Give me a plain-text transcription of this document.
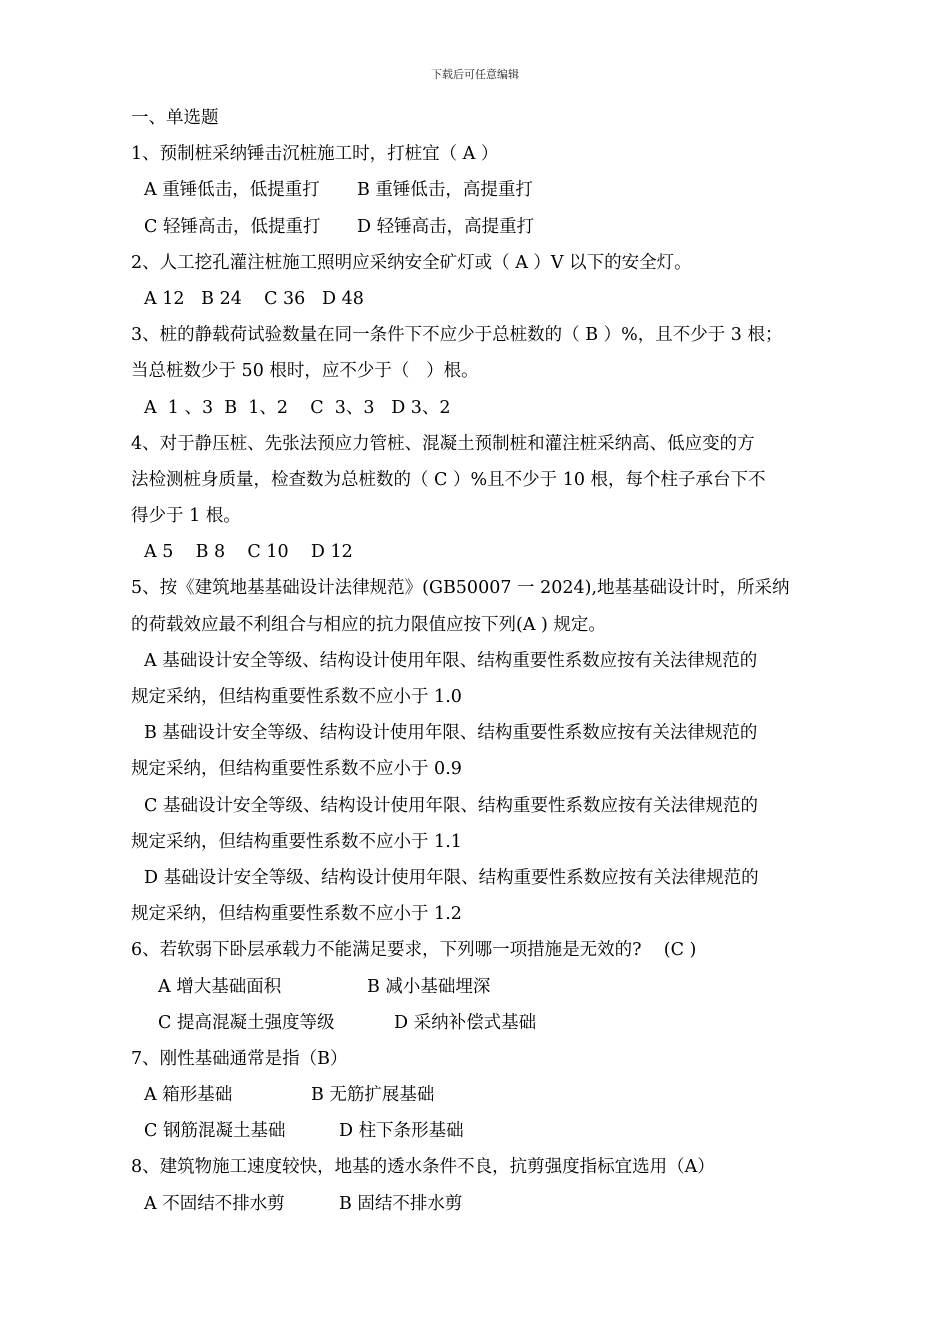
下载后可任意编辑
一、单选题
1、预制桩采纳锤击沉桩施工时，打桩宜（ A ）
A 重锤低击，低提重打 B 重锤低击，高提重打
C 轻锤高击，低提重打 D 轻锤高击，高提重打
2、人工挖孔灌注桩施工照明应采纳安全矿灯或（ A ）V 以下的安全灯。
A 12   B 24    C 36   D 48
3、桩的静载荷试验数量在同一条件下不应少于总桩数的（ B ）%，且不少于 3 根；
当总桩数少于 50 根时，应不少于（   ）根。
A  1 、3  B  1、2    C  3、3   D 3、2
4、对于静压桩、先张法预应力管桩、混凝土预制桩和灌注桩采纳高、低应变的方
法检测桩身质量，检查数为总桩数的（ C ）%且不少于 10 根，每个柱子承台下不
得少于 1 根。
A 5    B 8    C 10    D 12
5、按《建筑地基基础设计法律规范》(GB50007 一 2024),地基基础设计时，所采纳
的荷载效应最不利组合与相应的抗力限值应按下列(A ) 规定。
A 基础设计安全等级、结构设计使用年限、结构重要性系数应按有关法律规范的
规定采纳，但结构重要性系数不应小于 1.0
B 基础设计安全等级、结构设计使用年限、结构重要性系数应按有关法律规范的
规定采纳，但结构重要性系数不应小于 0.9
C 基础设计安全等级、结构设计使用年限、结构重要性系数应按有关法律规范的
规定采纳，但结构重要性系数不应小于 1.1
D 基础设计安全等级、结构设计使用年限、结构重要性系数应按有关法律规范的
规定采纳，但结构重要性系数不应小于 1.2
6、若软弱下卧层承载力不能满足要求，下列哪一项措施是无效的?    (C )
A 增大基础面积	B 减小基础埋深
C 提高混凝土强度等级	D 采纳补偿式基础
7、刚性基础通常是指（B）
A 箱形基础	B 无筋扩展基础
C 钢筋混凝土基础	D 柱下条形基础
8、建筑物施工速度较快，地基的透水条件不良，抗剪强度指标宜选用（A）
A 不固结不排水剪	B 固结不排水剪
